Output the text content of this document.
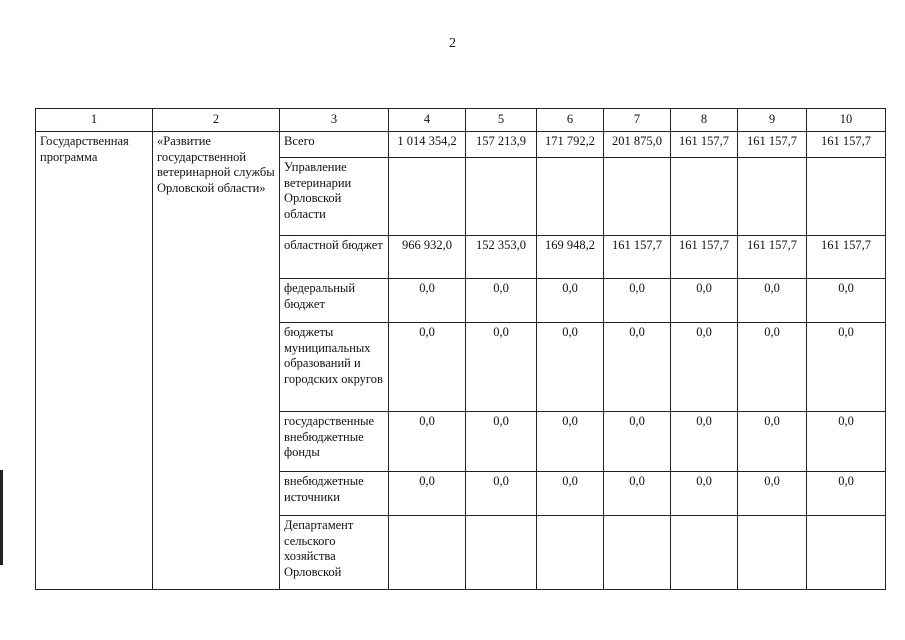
2
1	2	3	4	5	6	7	8	9	10
Государственная программа	«Развитие государственной ветеринарной службы Орловской области»	Всего	1 014 354,2	157 213,9	171 792,2	201 875,0	161 157,7	161 157,7	161 157,7
		Управление ветеринарии Орловской области							
		областной бюджет	966 932,0	152 353,0	169 948,2	161 157,7	161 157,7	161 157,7	161 157,7
		федеральный бюджет	0,0	0,0	0,0	0,0	0,0	0,0	0,0
		бюджеты муниципальных образований и городских округов	0,0	0,0	0,0	0,0	0,0	0,0	0,0
		государственные внебюджетные фонды	0,0	0,0	0,0	0,0	0,0	0,0	0,0
		внебюджетные источники	0,0	0,0	0,0	0,0	0,0	0,0	0,0
		Департамент сельского хозяйства Орловской							
